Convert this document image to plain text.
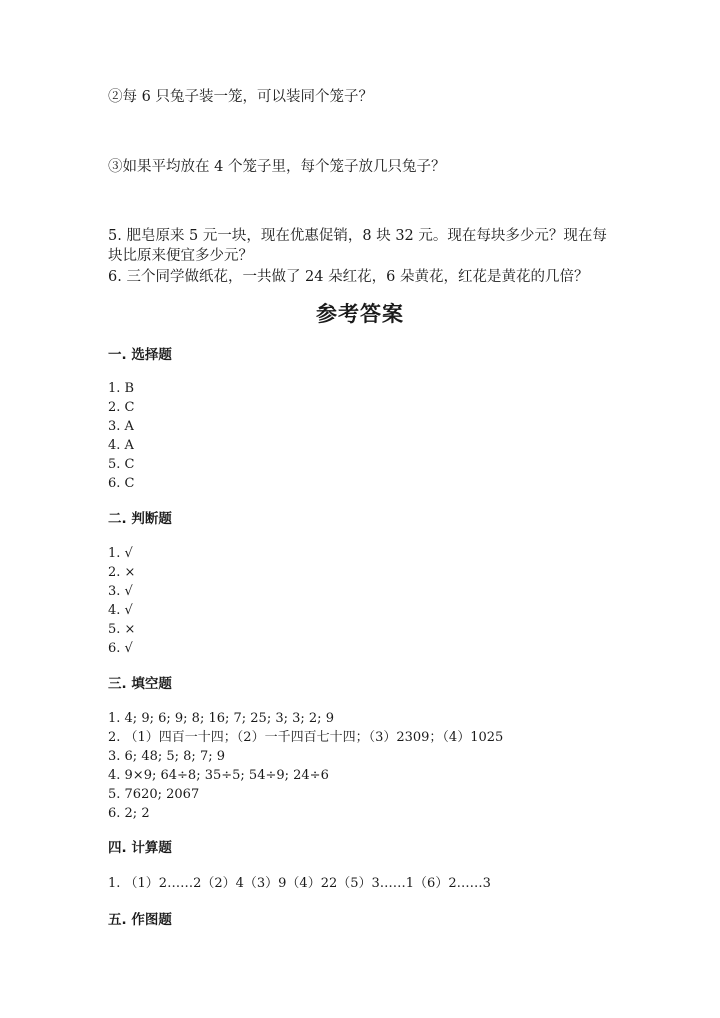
②每 6 只兔子装一笼，可以装同个笼子？
③如果平均放在 4 个笼子里，每个笼子放几只兔子？
5. 肥皂原来 5 元一块，现在优惠促销，8 块 32 元。现在每块多少元？现在每块比原来便宜多少元？
6. 三个同学做纸花，一共做了 24 朵红花，6 朵黄花，红花是黄花的几倍？
参考答案
一. 选择题
1. B
2. C
3. A
4. A
5. C
6. C
二. 判断题
1. √
2. ×
3. √
4. √
5. ×
6. √
三. 填空题
1. 4; 9; 6; 9; 8; 16; 7; 25; 3; 3; 2; 9
2. （1）四百一十四；（2）一千四百七十四；（3）2309；（4）1025
3. 6; 48; 5; 8; 7; 9
4. 9×9; 64÷8; 35÷5; 54÷9; 24÷6
5. 7620; 2067
6. 2; 2
四. 计算题
1. （1）2……2（2）4（3）9（4）22（5）3……1（6）2……3
五. 作图题
